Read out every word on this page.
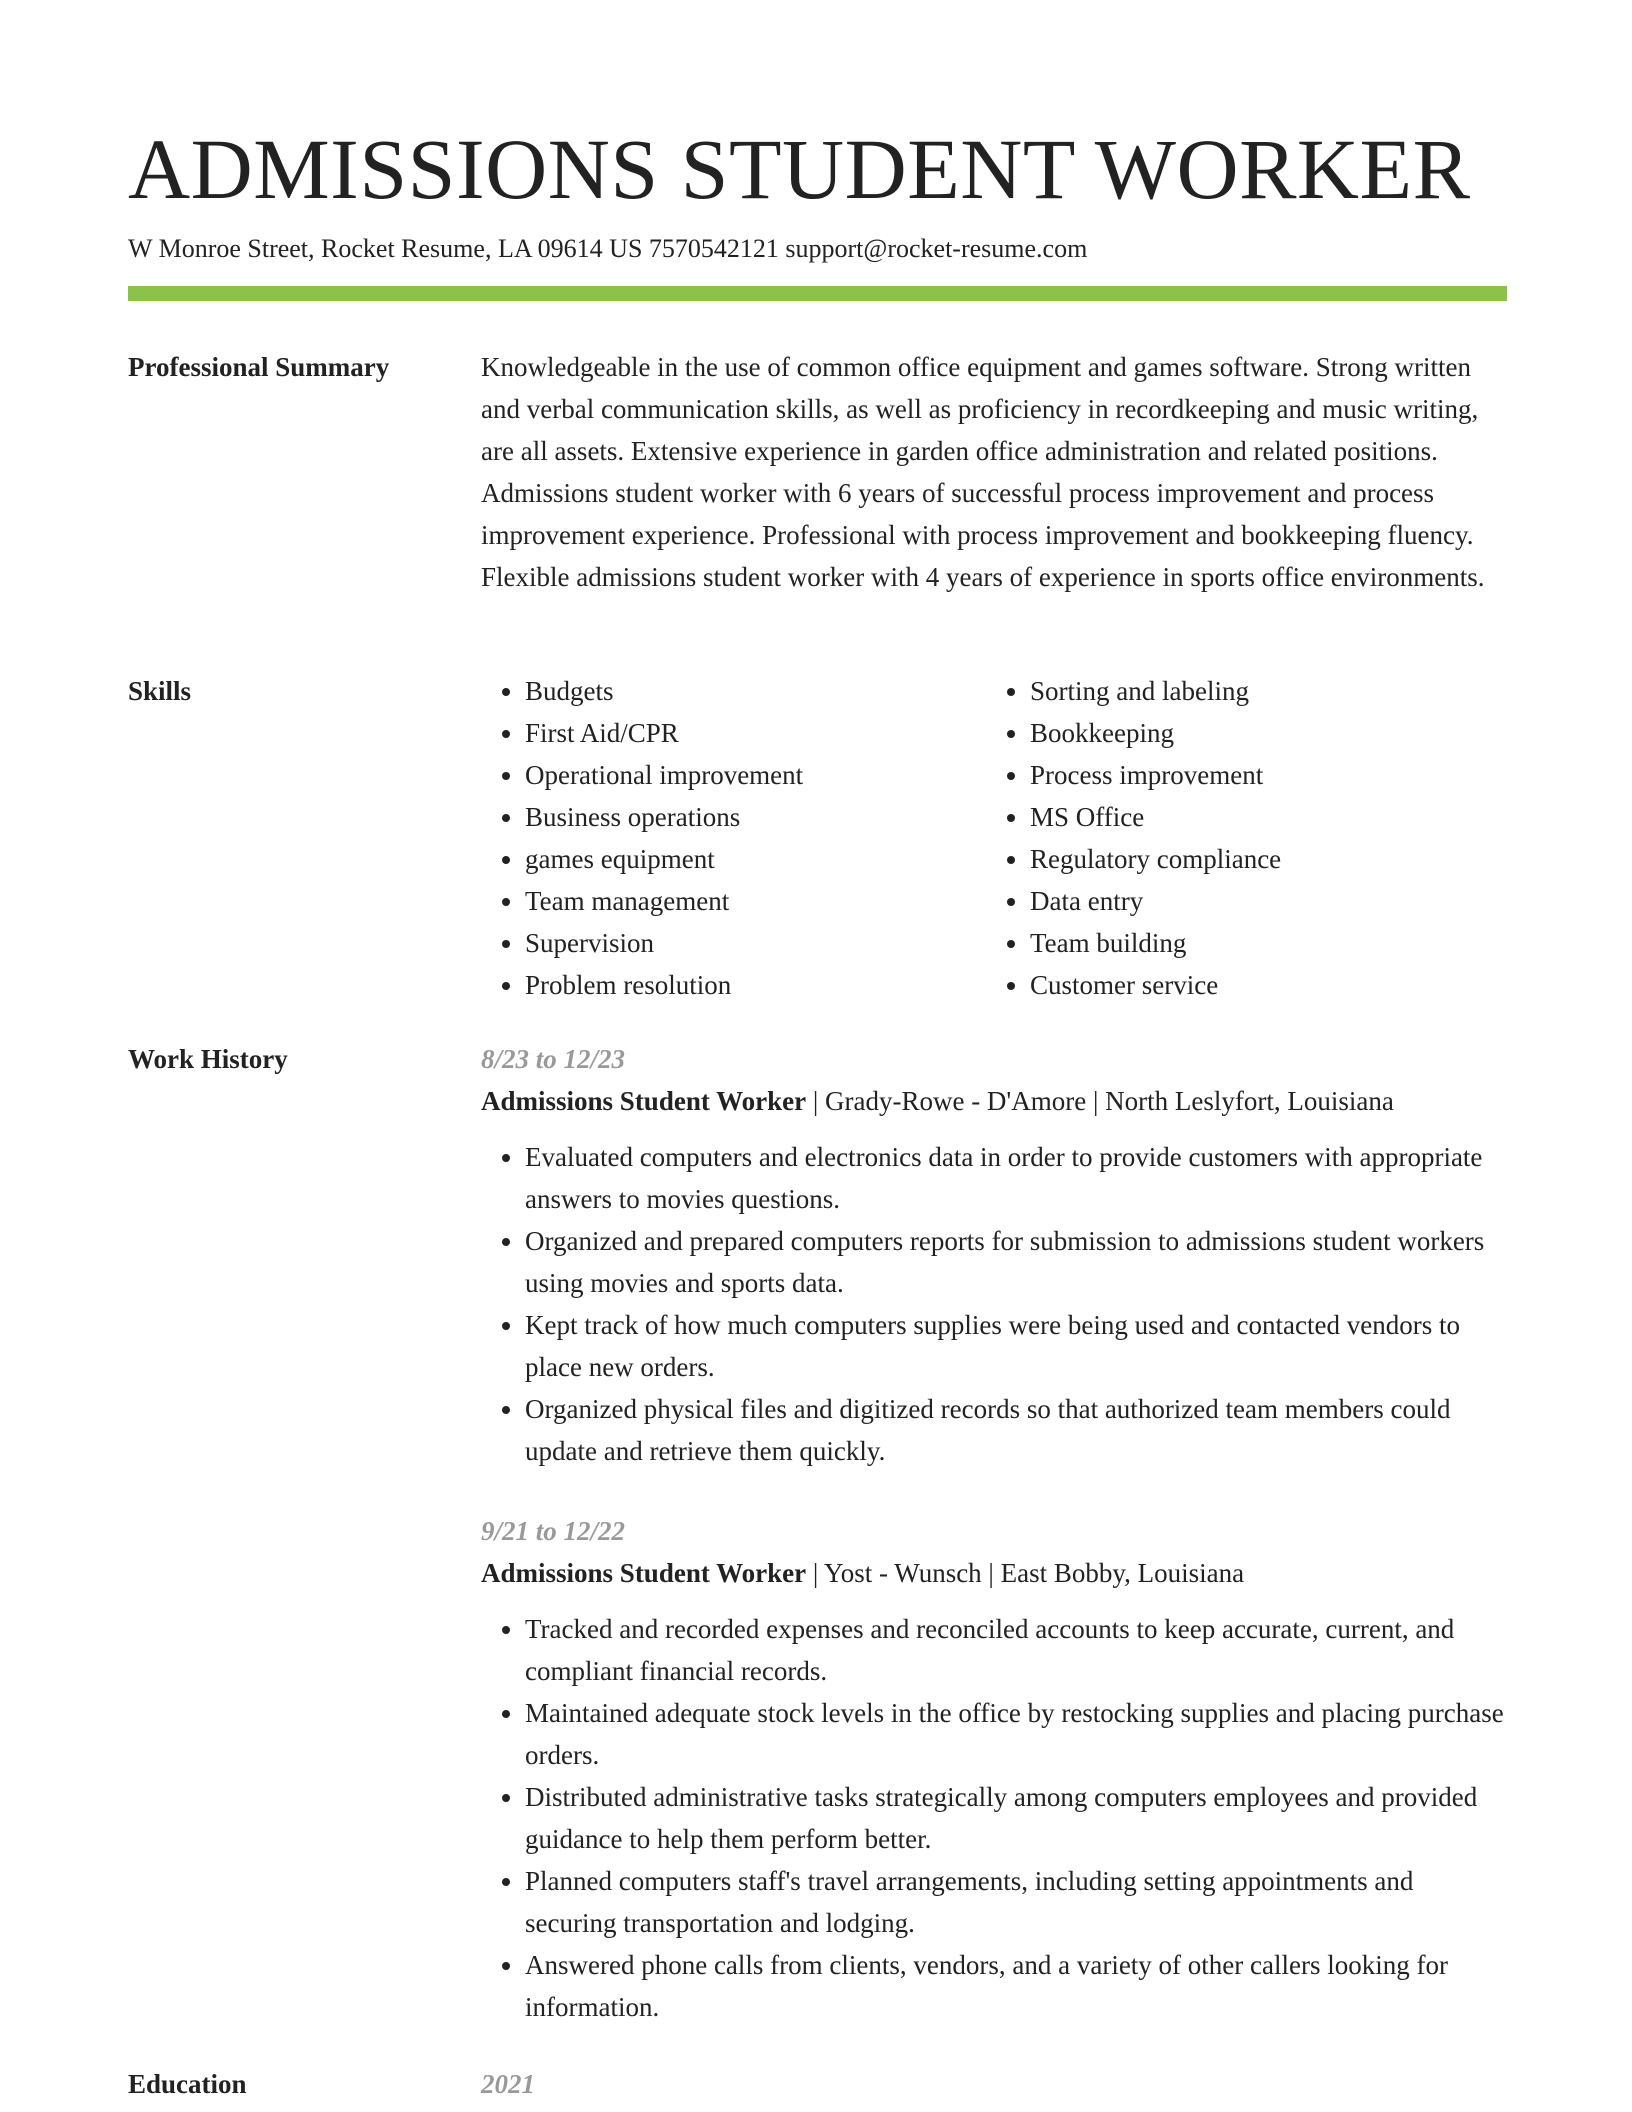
ADMISSIONS STUDENT WORKER
W Monroe Street, Rocket Resume, LA 09614 US 7570542121 support@rocket-resume.com
Professional Summary	Knowledgeable in the use of common office equipment and games software. Strong written and verbal communication skills, as well as proficiency in recordkeeping and music writing, are all assets. Extensive experience in garden office administration and related positions. Admissions student worker with 6 years of successful process improvement and process improvement experience. Professional with process improvement and bookkeeping fluency. Flexible admissions student worker with 4 years of experience in sports office environments.

Skills
•	Budgets
• First Aid/CPR
• Operational improvement
• Business operations
• games equipment
• Team management
• Supervision
• Problem resolution
• Sorting and labeling
• Bookkeeping
• Process improvement
• MS Office
• Regulatory compliance
• Data entry
• Team building
• Customer service
Work History	8/23 to 12/23
Admissions Student Worker | Grady-Rowe - D'Amore | North Leslyfort, Louisiana
• Evaluated computers and electronics data in order to provide customers with appropriate answers to movies questions.
• Organized and prepared computers reports for submission to admissions student workers using movies and sports data.
• Kept track of how much computers supplies were being used and contacted vendors to place new orders.
• Organized physical files and digitized records so that authorized team members could update and retrieve them quickly.
9/21 to 12/22
Admissions Student Worker | Yost - Wunsch | East Bobby, Louisiana
• Tracked and recorded expenses and reconciled accounts to keep accurate, current, and compliant financial records.
• Maintained adequate stock levels in the office by restocking supplies and placing purchase orders.
• Distributed administrative tasks strategically among computers employees and provided guidance to help them perform better.
• Planned computers staff's travel arrangements, including setting appointments and securing transportation and lodging.
• Answered phone calls from clients, vendors, and a variety of other callers looking for information.
Education	2021
